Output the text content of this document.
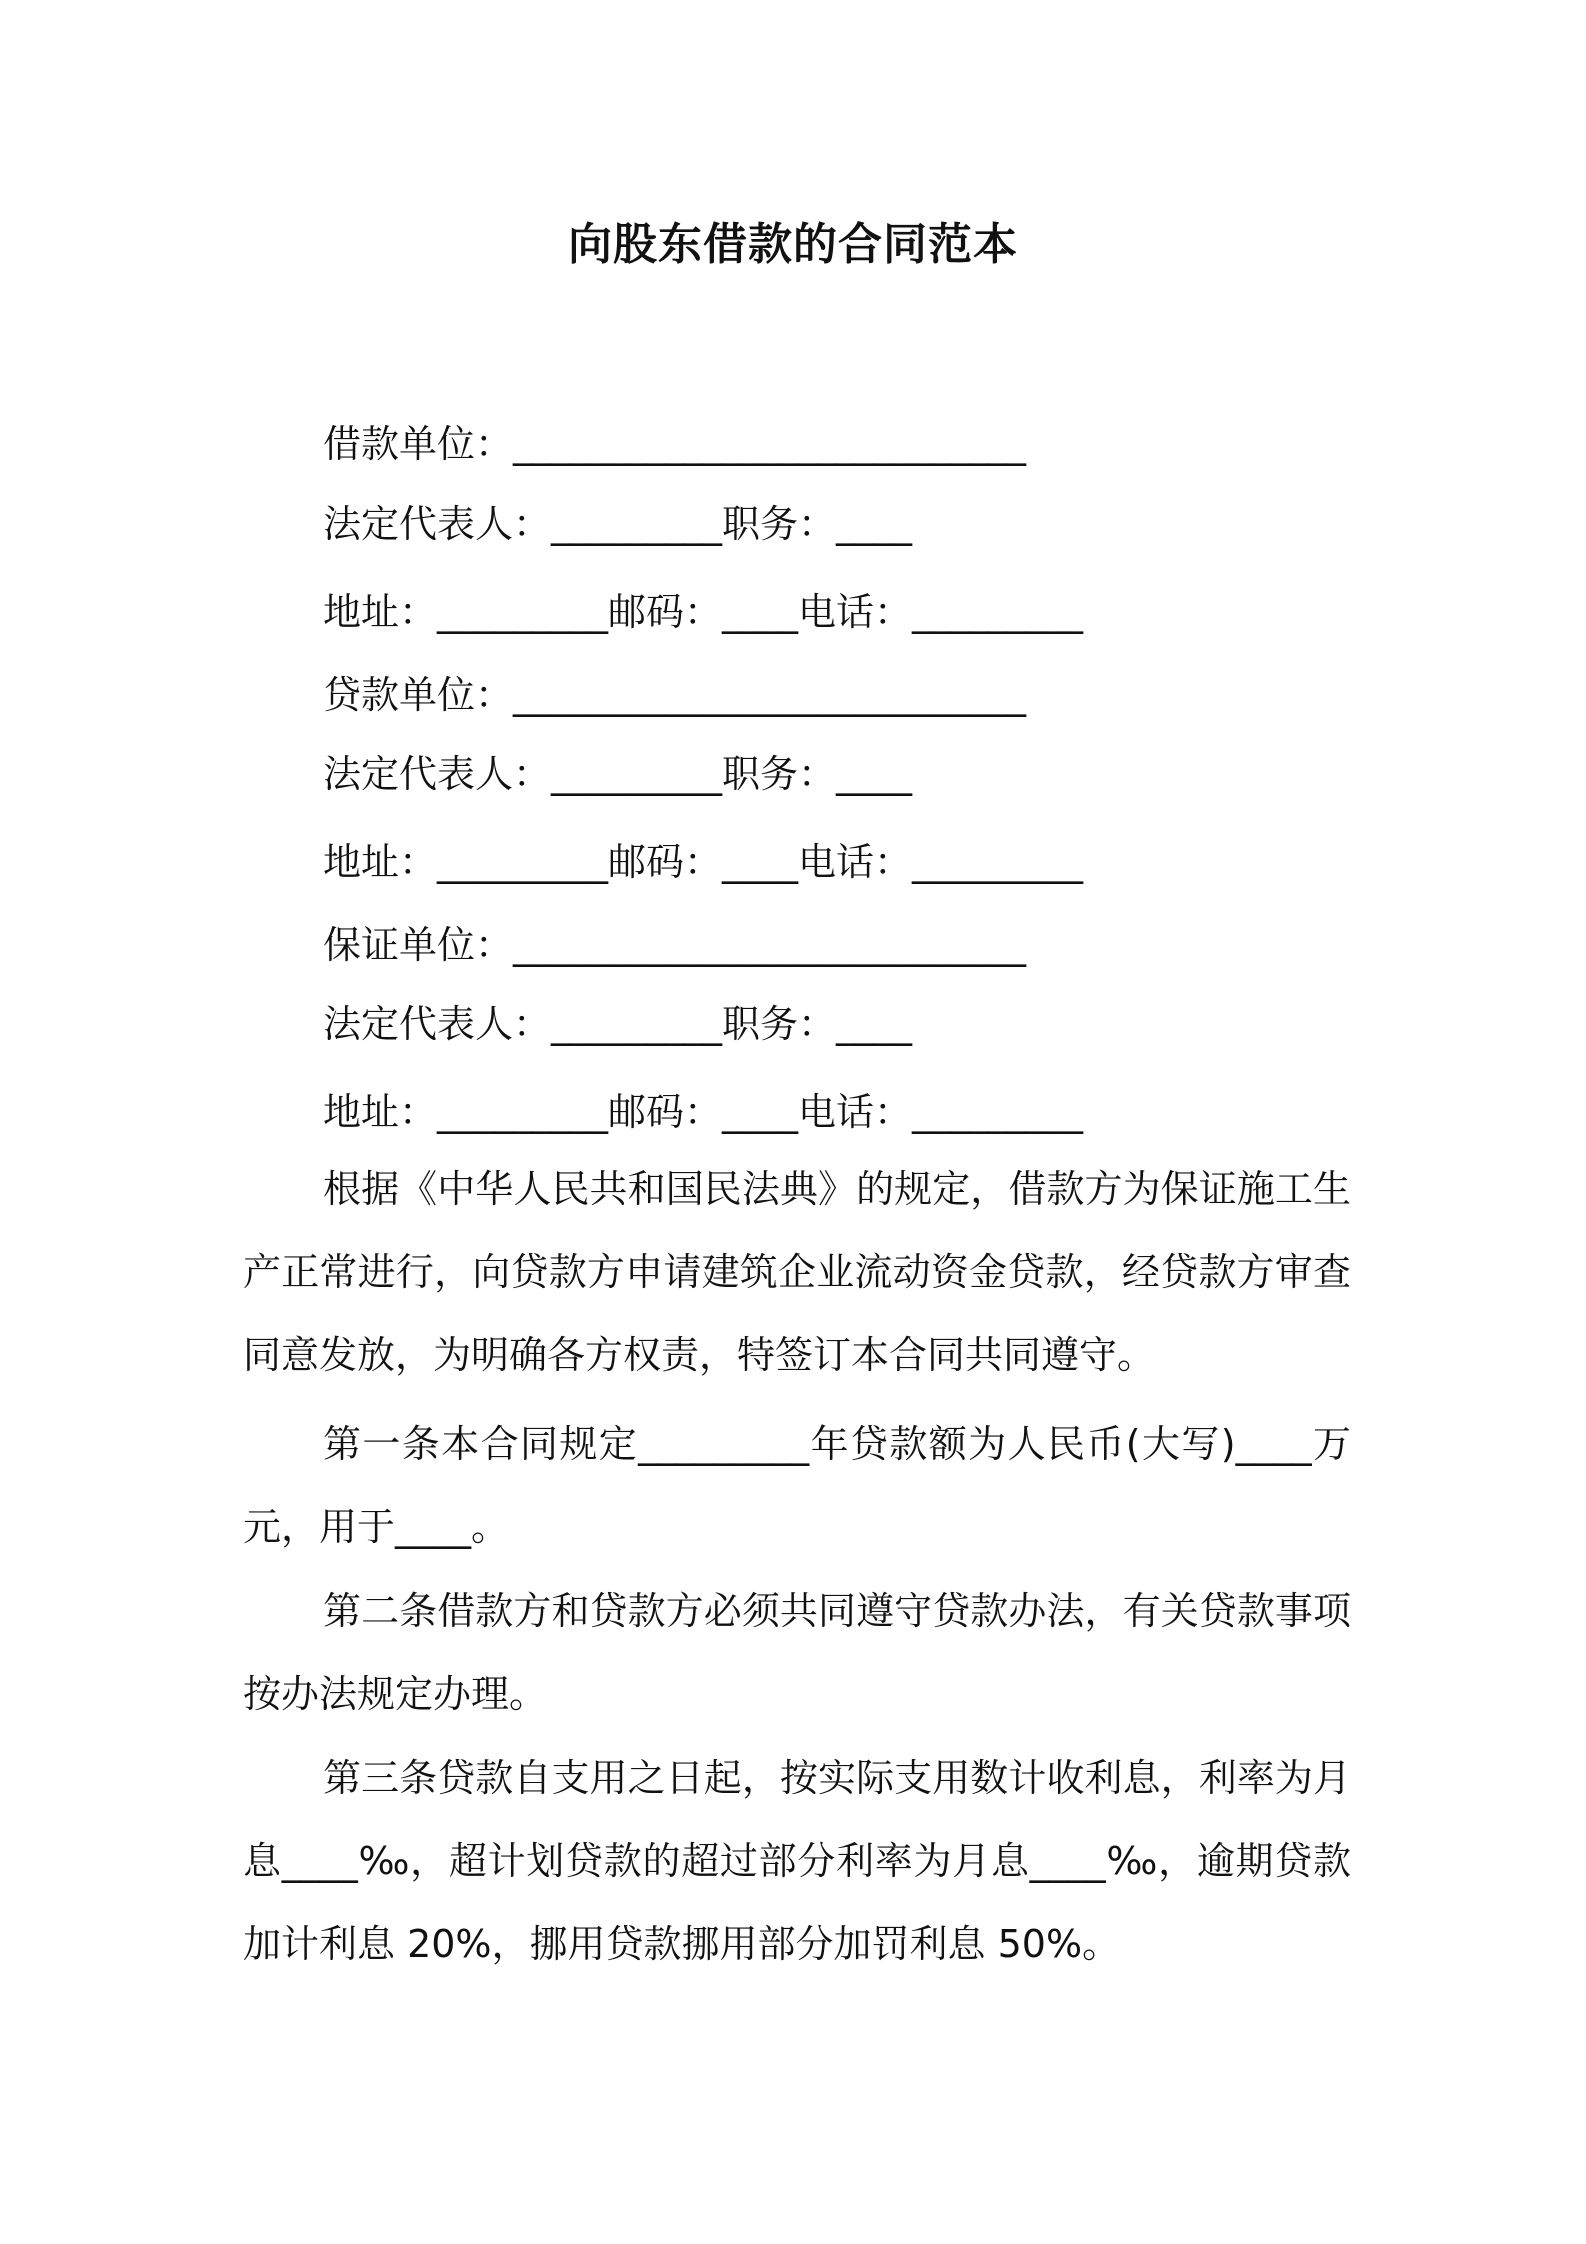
向股东借款的合同范本
借款单位：___________________________
法定代表人：_________职务：____
地址：_________邮码：____电话：_________
贷款单位：___________________________
法定代表人：_________职务：____
地址：_________邮码：____电话：_________
保证单位：___________________________
法定代表人：_________职务：____
地址：_________邮码：____电话：_________

根据《中华人民共和国民法典》的规定，借款方为保证施工生产正常进行，向贷款方申请建筑企业流动资金贷款，经贷款方审查同意发放，为明确各方权责，特签订本合同共同遵守。

第一条本合同规定_________年贷款额为人民币(大写)____万元，用于____。

第二条借款方和贷款方必须共同遵守贷款办法，有关贷款事项按办法规定办理。

第三条贷款自支用之日起，按实际支用数计收利息，利率为月息____‰，超计划贷款的超过部分利率为月息____‰，逾期贷款加计利息 20%，挪用贷款挪用部分加罚利息 50%。
